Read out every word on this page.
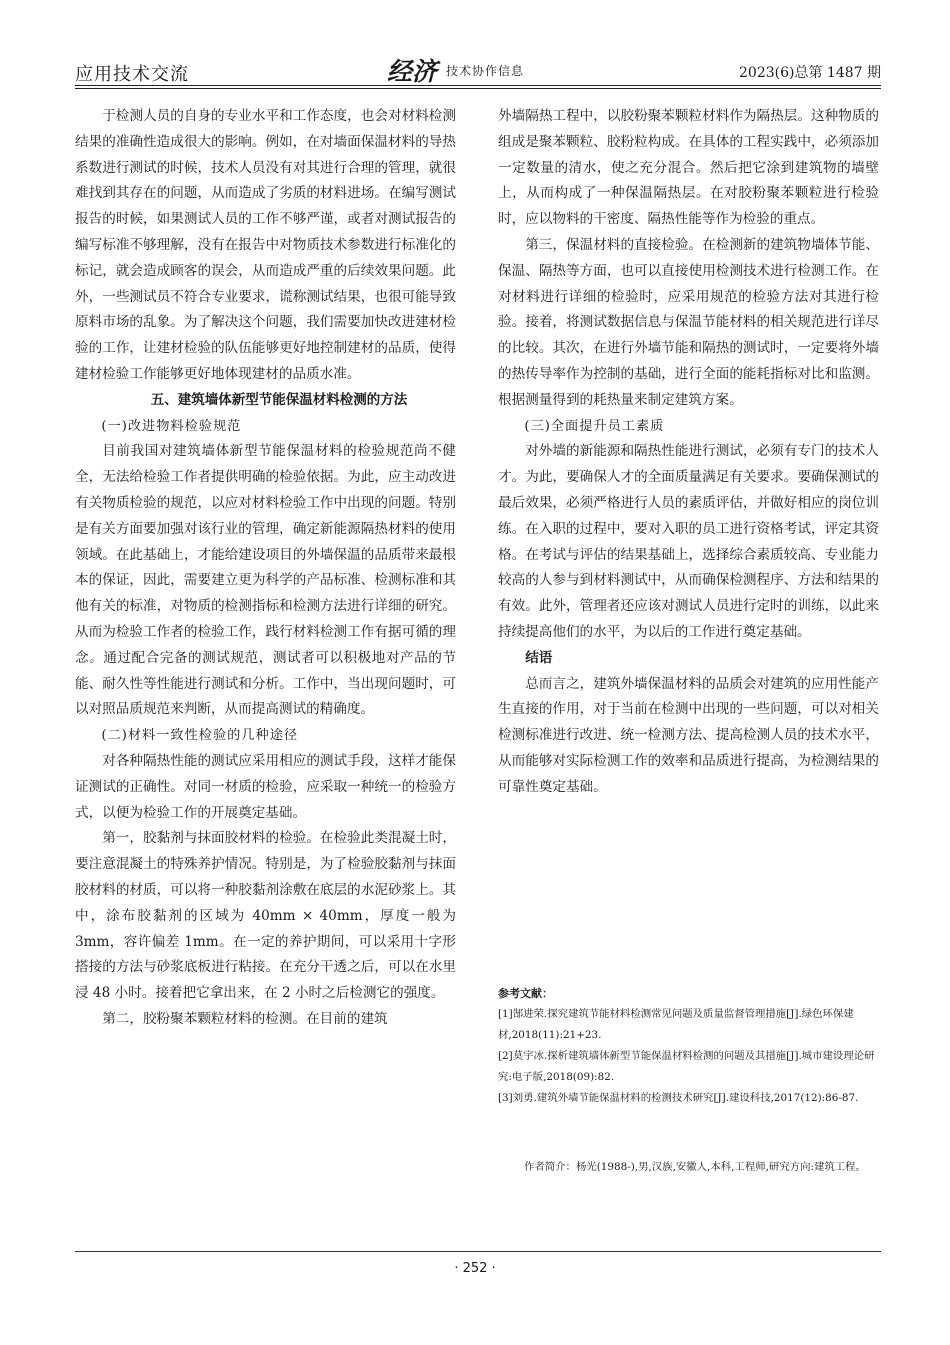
应用技术交流	经济 技术协作信息	2023(6)总第 1487 期

于检测人员的自身的专业水平和工作态度，也会对材料检测结果的准确性造成很大的影响。例如，在对墙面保温材料的导热系数进行测试的时候，技术人员没有对其进行合理的管理，就很难找到其存在的问题，从而造成了劣质的材料进场。在编写测试报告的时候，如果测试人员的工作不够严谨，或者对测试报告的编写标准不够理解，没有在报告中对物质技术参数进行标准化的标记，就会造成顾客的误会，从而造成严重的后续效果问题。此外，一些测试员不符合专业要求，谎称测试结果，也很可能导致原料市场的乱象。为了解决这个问题，我们需要加快改进建材检验的工作，让建材检验的队伍能够更好地控制建材的品质，使得建材检验工作能够更好地体现建材的品质水准。

五、建筑墙体新型节能保温材料检测的方法

(一)改进物料检验规范

目前我国对建筑墙体新型节能保温材料的检验规范尚不健全，无法给检验工作者提供明确的检验依据。为此，应主动改进有关物质检验的规范，以应对材料检验工作中出现的问题。特别是有关方面要加强对该行业的管理，确定新能源隔热材料的使用领域。在此基础上，才能给建设项目的外墙保温的品质带来最根本的保证，因此，需要建立更为科学的产品标准、检测标准和其他有关的标准，对物质的检测指标和检测方法进行详细的研究。从而为检验工作者的检验工作，践行材料检测工作有据可循的理念。通过配合完备的测试规范，测试者可以积极地对产品的节能、耐久性等性能进行测试和分析。工作中，当出现问题时，可以对照品质规范来判断，从而提高测试的精确度。

(二)材料一致性检验的几种途径

对各种隔热性能的测试应采用相应的测试手段，这样才能保证测试的正确性。对同一材质的检验，应采取一种统一的检验方式，以便为检验工作的开展奠定基础。

第一，胶黏剂与抹面胶材料的检验。在检验此类混凝土时，要注意混凝土的特殊养护情况。特别是，为了检验胶黏剂与抹面胶材料的材质，可以将一种胶黏剂涂敷在底层的水泥砂浆上。其中，涂布胶黏剂的区域为 40mm × 40mm，厚度一般为 3mm，容许偏差 1mm。在一定的养护期间，可以采用十字形搭接的方法与砂浆底板进行粘接。在充分干透之后，可以在水里浸 48 小时。接着把它拿出来，在 2 小时之后检测它的强度。

第二，胶粉聚苯颗粒材料的检测。在目前的建筑

外墙隔热工程中，以胶粉聚苯颗粒材料作为隔热层。这种物质的组成是聚苯颗粒、胶粉粒构成。在具体的工程实践中，必须添加一定数量的清水，使之充分混合。然后把它涂到建筑物的墙壁上，从而构成了一种保温隔热层。在对胶粉聚苯颗粒进行检验时，应以物料的干密度、隔热性能等作为检验的重点。

第三，保温材料的直接检验。在检测新的建筑物墙体节能、保温、隔热等方面，也可以直接使用检测技术进行检测工作。在对材料进行详细的检验时，应采用规范的检验方法对其进行检验。接着，将测试数据信息与保温节能材料的相关规范进行详尽的比较。其次，在进行外墙节能和隔热的测试时，一定要将外墙的热传导率作为控制的基础，进行全面的能耗指标对比和监测。根据测量得到的耗热量来制定建筑方案。

(三)全面提升员工素质

对外墙的新能源和隔热性能进行测试，必须有专门的技术人才。为此，要确保人才的全面质量满足有关要求。要确保测试的最后效果，必须严格进行人员的素质评估，并做好相应的岗位训练。在入职的过程中，要对入职的员工进行资格考试，评定其资格。在考试与评估的结果基础上，选择综合素质较高、专业能力较高的人参与到材料测试中，从而确保检测程序、方法和结果的有效。此外，管理者还应该对测试人员进行定时的训练，以此来持续提高他们的水平，为以后的工作进行奠定基础。

结语

总而言之，建筑外墙保温材料的品质会对建筑的应用性能产生直接的作用，对于当前在检测中出现的一些问题，可以对相关检测标准进行改进、统一检测方法、提高检测人员的技术水平，从而能够对实际检测工作的效率和品质进行提高，为检测结果的可靠性奠定基础。

参考文献：

[1]郜进荣.探究建筑节能材料检测常见问题及质量监督管理措施[J].绿色环保建材,2018(11):21+23.

[2]莫宇冰.探析建筑墙体新型节能保温材料检测的问题及其措施[J].城市建设理论研究:电子版,2018(09):82.

[3]刘勇.建筑外墙节能保温材料的检测技术研究[J].建设科技,2017(12):86-87.

作者简介：杨光(1988-),男,汉族,安徽人,本科,工程师,研究方向:建筑工程。
· 252 ·
